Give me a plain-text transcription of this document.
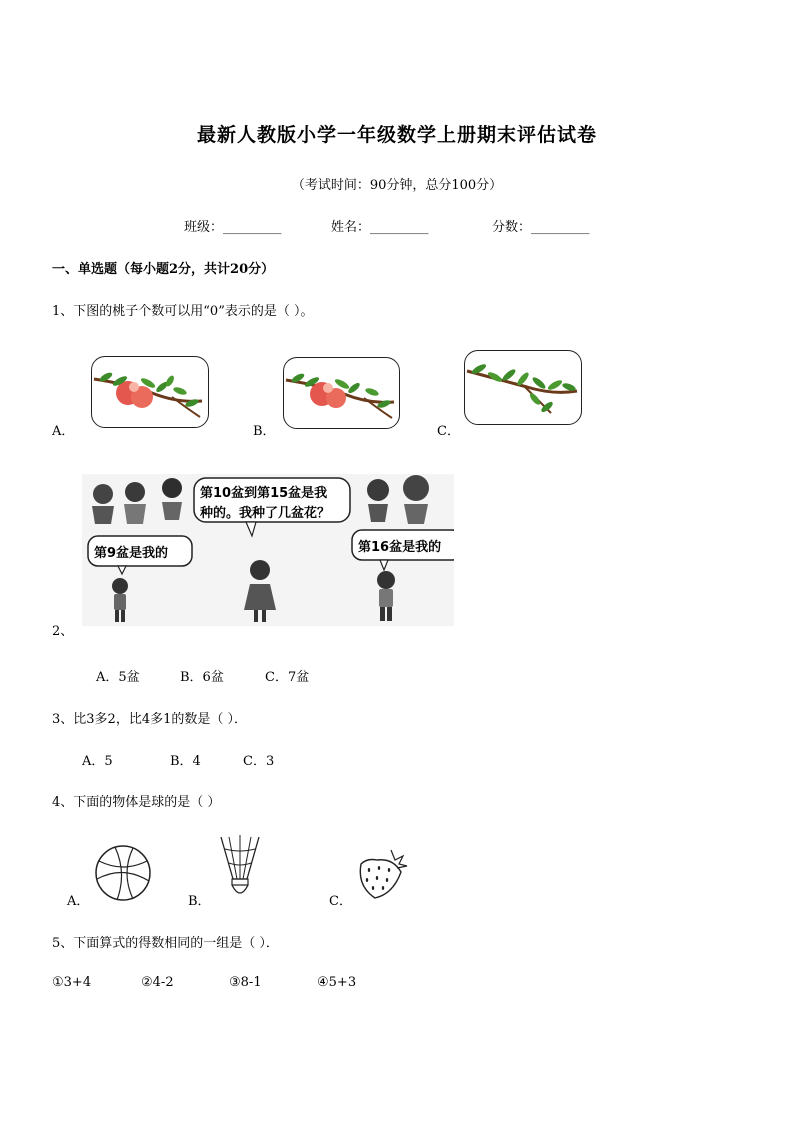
最新人教版小学一年级数学上册期末评估试卷
（考试时间：90分钟，总分100分）
班级：_________	姓名：_________	分数：_________
一、单选题（每小题2分，共计20分）
1、下图的桃子个数可以用“0”表示的是（ ）。
A．	B．	C．
第9盆是我的
第10盆到第15盆是我
种的。我种了几盆花？
第16盆是我的
2、
A．5盆	B．6盆	C．7盆
3、比3多2，比4多1的数是（ ）．
A．5	B．4	C．3
4、下面的物体是球的是（ ）
A．	B．	C．
5、下面算式的得数相同的一组是（ ）．
①3+4	②4-2	③8-1	④5+3
